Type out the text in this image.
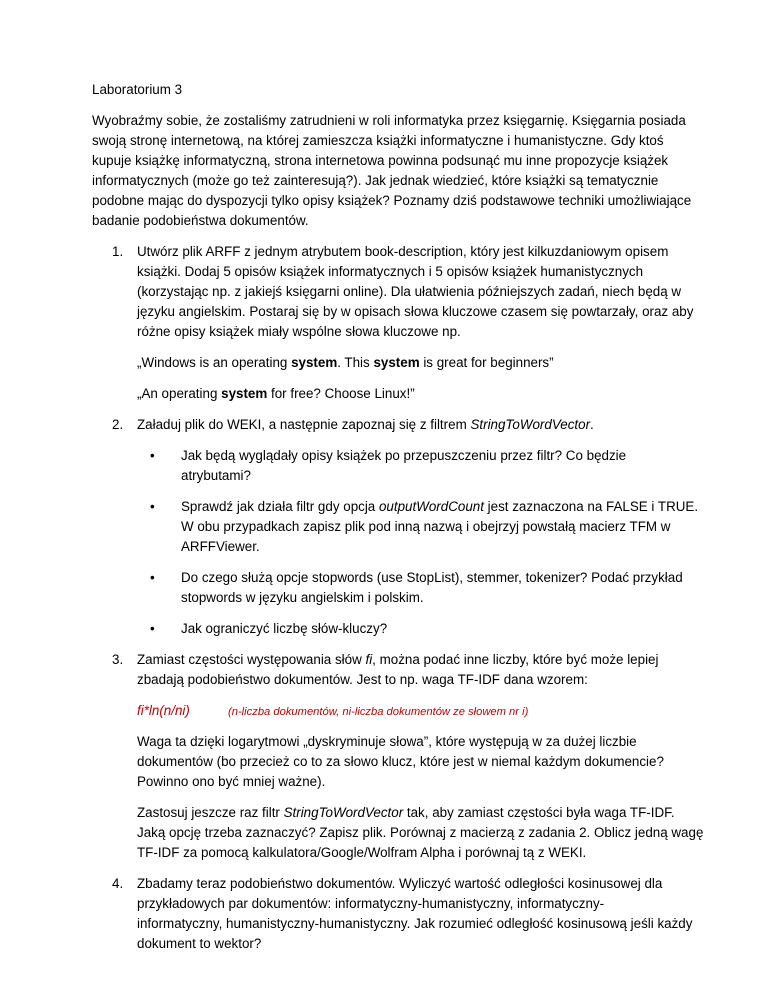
Laboratorium 3
Wyobraźmy sobie, że zostaliśmy zatrudnieni w roli informatyka przez księgarnię. Księgarnia posiada
swoją stronę internetową, na której zamieszcza książki informatyczne i humanistyczne. Gdy ktoś
kupuje książkę informatyczną, strona internetowa powinna podsunąć mu inne propozycje książek
informatycznych (może go też zainteresują?). Jak jednak wiedzieć, które książki są tematycznie
podobne mając do dyspozycji tylko opisy książek? Poznamy dziś podstawowe techniki umożliwiające
badanie podobieństwa dokumentów.
1.	Utwórz plik ARFF z jednym atrybutem book-description, który jest kilkuzdaniowym opisem
książki. Dodaj 5 opisów książek informatycznych i 5 opisów książek humanistycznych
(korzystając np. z jakiejś księgarni online). Dla ułatwienia późniejszych zadań, niech będą w
języku angielskim. Postaraj się by w opisach słowa kluczowe czasem się powtarzały, oraz aby
różne opisy książek miały wspólne słowa kluczowe np.
„Windows is an operating system. This system is great for beginners”
„An operating system for free? Choose Linux!”
2.	Załaduj plik do WEKI, a następnie zapoznaj się z filtrem StringToWordVector.
• Jak będą wyglądały opisy książek po przepuszczeniu przez filtr? Co będzie
atrybutami?
• Sprawdź jak działa filtr gdy opcja outputWordCount jest zaznaczona na FALSE i TRUE.
W obu przypadkach zapisz plik pod inną nazwą i obejrzyj powstałą macierz TFM w
ARFFViewer.
• Do czego służą opcje stopwords (use StopList), stemmer, tokenizer? Podać przykład
stopwords w języku angielskim i polskim.
• Jak ograniczyć liczbę słów-kluczy?
3.	Zamiast częstości występowania słów fi, można podać inne liczby, które być może lepiej
zbadają podobieństwo dokumentów. Jest to np. waga TF-IDF dana wzorem:
fi*ln(n/ni)	(n-liczba dokumentów, ni-liczba dokumentów ze słowem nr i)
Waga ta dzięki logarytmowi „dyskryminuje słowa”, które występują w za dużej liczbie
dokumentów (bo przecież co to za słowo klucz, które jest w niemal każdym dokumencie?
Powinno ono być mniej ważne).
Zastosuj jeszcze raz filtr StringToWordVector tak, aby zamiast częstości była waga TF-IDF.
Jaką opcję trzeba zaznaczyć? Zapisz plik. Porównaj z macierzą z zadania 2. Oblicz jedną wagę
TF-IDF za pomocą kalkulatora/Google/Wolfram Alpha i porównaj tą z WEKI.
4.	Zbadamy teraz podobieństwo dokumentów. Wyliczyć wartość odległości kosinusowej dla
przykładowych par dokumentów: informatyczny-humanistyczny, informatyczny-
informatyczny, humanistyczny-humanistyczny. Jak rozumieć odległość kosinusową jeśli każdy
dokument to wektor?
